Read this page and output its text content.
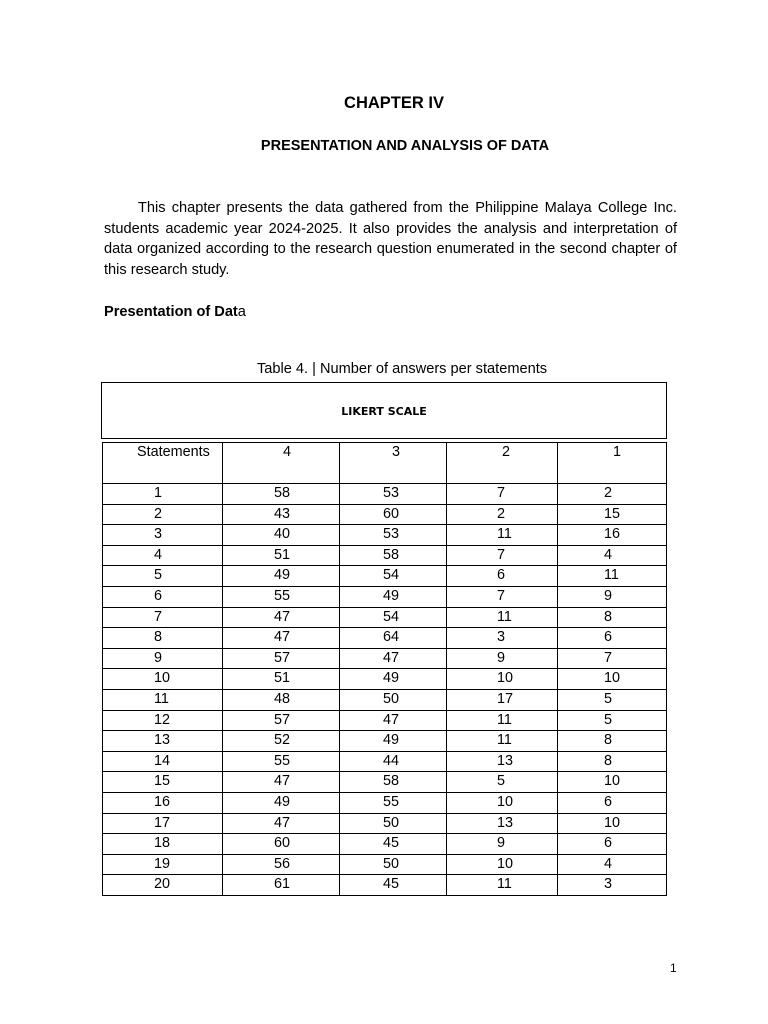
CHAPTER IV
PRESENTATION AND ANALYSIS OF DATA

This chapter presents the data gathered from the Philippine Malaya College Inc. students academic year 2024-2025. It also provides the analysis and interpretation of data organized according to the research question enumerated in the second chapter of this research study.

Presentation of Data
Table 4. | Number of answers per statements
LIKERT SCALE
Statements	4	3	2	1
1	58	53	7	2
2	43	60	2	15
3	40	53	11	16
4	51	58	7	4
5	49	54	6	11
6	55	49	7	9
7	47	54	11	8
8	47	64	3	6
9	57	47	9	7
10	51	49	10	10
11	48	50	17	5
12	57	47	11	5
13	52	49	11	8
14	55	44	13	8
15	47	58	5	10
16	49	55	10	6
17	47	50	13	10
18	60	45	9	6
19	56	50	10	4
20	61	45	11	3
1
